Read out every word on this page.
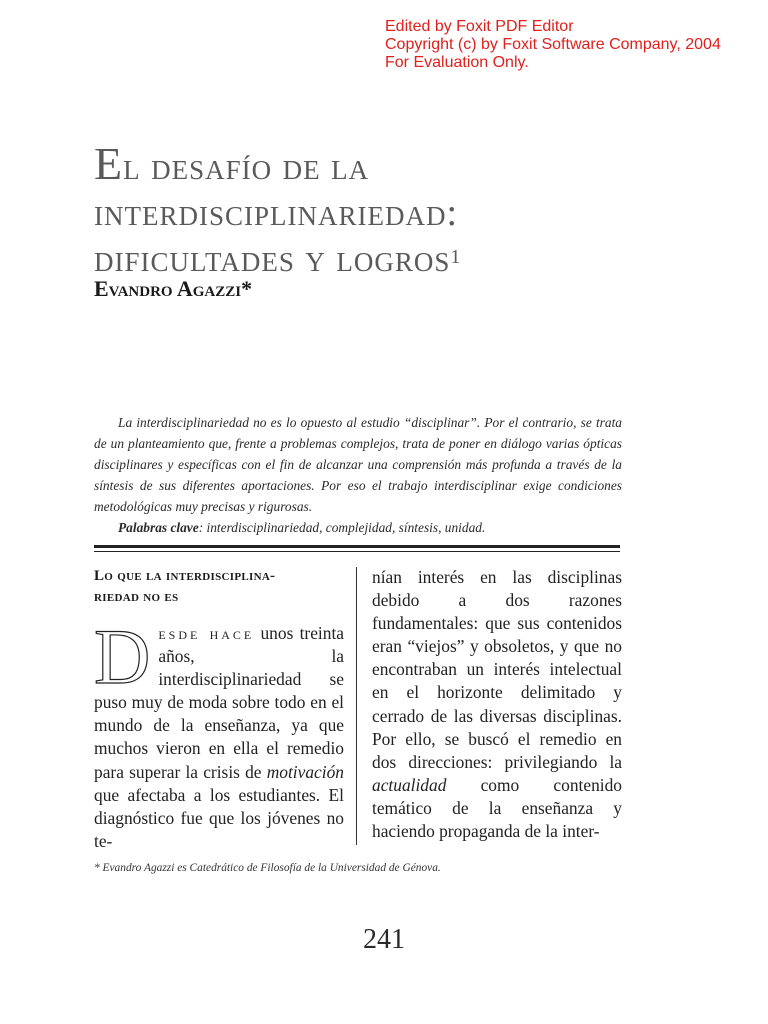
Edited by Foxit PDF Editor
Copyright (c) by Foxit Software Company, 2004
For Evaluation Only.
El desafío de la
interdisciplinariedad:
dificultades y logros$^1$
Evandro Agazzi*

La interdisciplinariedad no es lo opuesto al estudio “disciplinar”. Por el contrario, se trata de un planteamiento que, frente a problemas complejos, trata de poner en diálogo varias ópticas disciplinares y específicas con el fin de alcanzar una comprensión más profunda a través de la síntesis de sus diferentes aportaciones. Por eso el trabajo interdisciplinar exige condiciones metodológicas muy precisas y rigurosas.

Palabras clave: interdisciplinariedad, complejidad, síntesis, unidad.

Lo que la interdisciplina-
riedad no es
Desde hace unos treinta años, la interdisciplinariedad se puso muy de moda sobre todo en el mundo de la enseñanza, ya que muchos vieron en ella el remedio para superar la crisis de motivación que afectaba a los estudiantes. El diagnóstico fue que los jóvenes no te-
nían interés en las disciplinas debido a dos razones fundamentales: que sus contenidos eran “viejos” y obsoletos, y que no encontraban un interés intelectual en el horizonte delimitado y cerrado de las diversas disciplinas. Por ello, se buscó el remedio en dos direcciones: privilegiando la actualidad como contenido temático de la enseñanza y haciendo propaganda de la inter-
* Evandro Agazzi es Catedrático de Filosofía de la Universidad de Génova.
241
